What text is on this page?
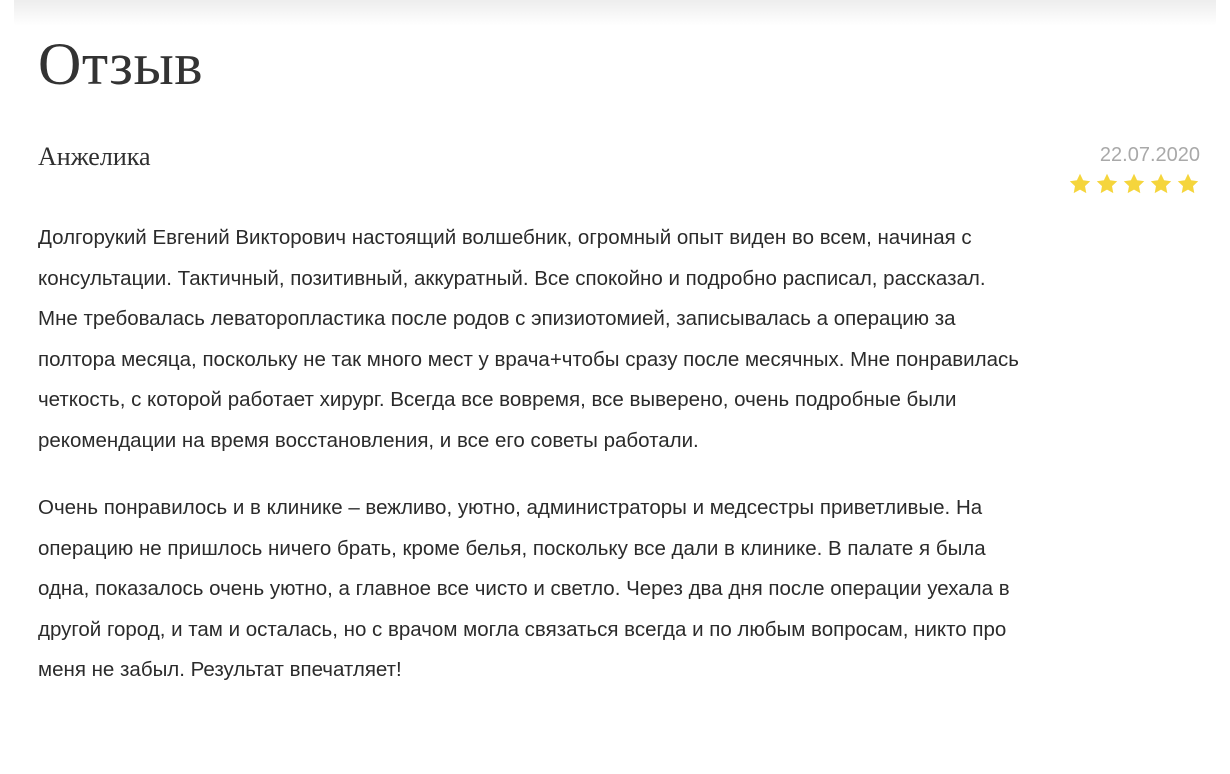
Отзыв
Анжелика	22.07.2020

Долгорукий Евгений Викторович настоящий волшебник, огромный опыт виден во всем, начиная с
консультации. Тактичный, позитивный, аккуратный. Все спокойно и подробно расписал, рассказал.
Мне требовалась леваторопластика после родов с эпизиотомией, записывалась а операцию за
полтора месяца, поскольку не так много мест у врача+чтобы сразу после месячных. Мне понравилась
четкость, с которой работает хирург. Всегда все вовремя, все выверено, очень подробные были
рекомендации на время восстановления, и все его советы работали.

Очень понравилось и в клинике – вежливо, уютно, администраторы и медсестры приветливые. На
операцию не пришлось ничего брать, кроме белья, поскольку все дали в клинике. В палате я была
одна, показалось очень уютно, а главное все чисто и светло. Через два дня после операции уехала в
другой город, и там и осталась, но с врачом могла связаться всегда и по любым вопросам, никто про
меня не забыл. Результат впечатляет!
